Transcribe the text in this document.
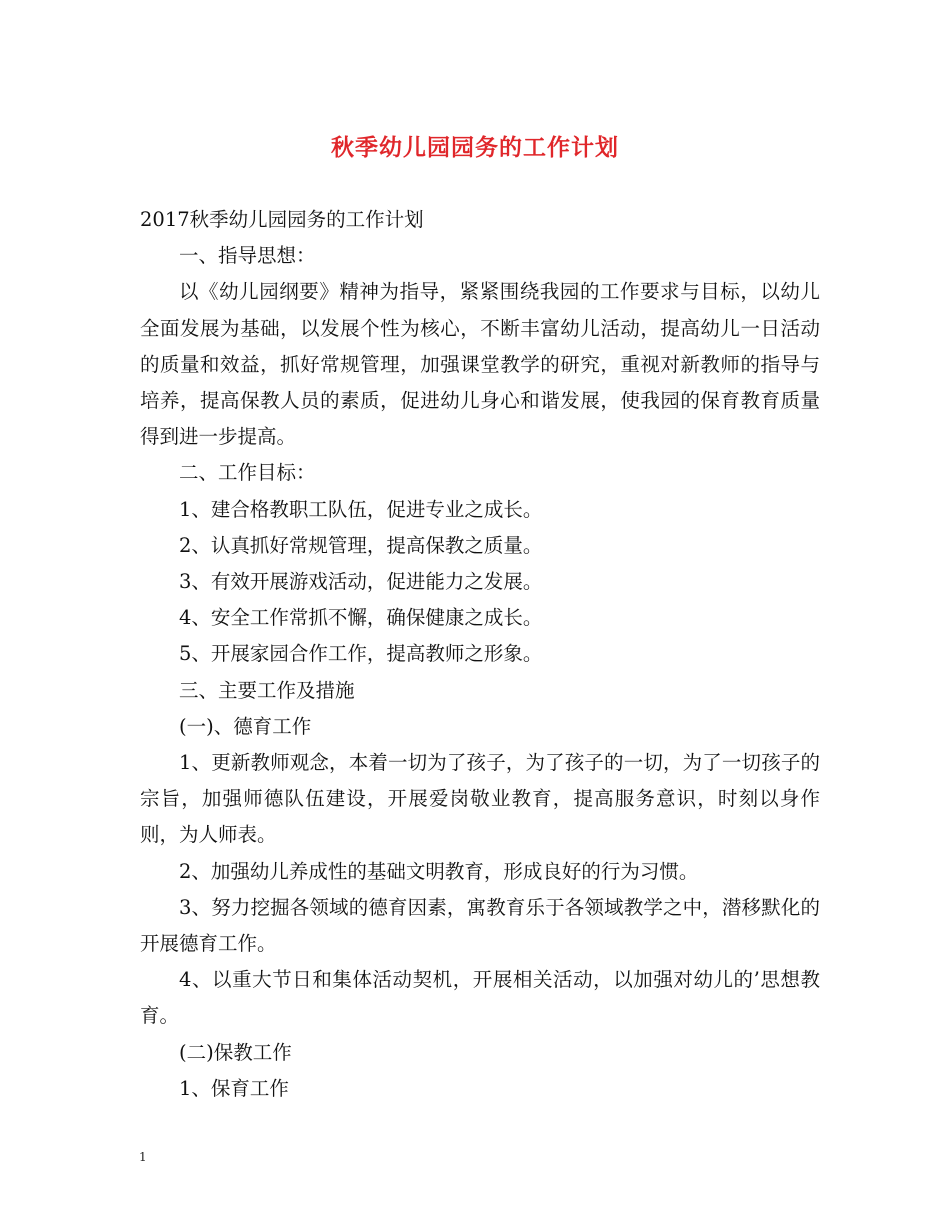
秋季幼儿园园务的工作计划

2017秋季幼儿园园务的工作计划

一、指导思想：

以《幼儿园纲要》精神为指导，紧紧围绕我园的工作要求与目标，以幼儿全面发展为基础，以发展个性为核心，不断丰富幼儿活动，提高幼儿一日活动的质量和效益，抓好常规管理，加强课堂教学的研究，重视对新教师的指导与培养，提高保教人员的素质，促进幼儿身心和谐发展，使我园的保育教育质量得到进一步提高。

二、工作目标：

1、建合格教职工队伍，促进专业之成长。

2、认真抓好常规管理，提高保教之质量。

3、有效开展游戏活动，促进能力之发展。

4、安全工作常抓不懈，确保健康之成长。

5、开展家园合作工作，提高教师之形象。

三、主要工作及措施

(一)、德育工作

1、更新教师观念，本着一切为了孩子，为了孩子的一切，为了一切孩子的宗旨，加强师德队伍建设，开展爱岗敬业教育，提高服务意识，时刻以身作则，为人师表。

2、加强幼儿养成性的基础文明教育，形成良好的行为习惯。

3、努力挖掘各领域的德育因素，寓教育乐于各领域教学之中，潜移默化的开展德育工作。

4、以重大节日和集体活动契机，开展相关活动，以加强对幼儿的’思想教育。

(二)保教工作

1、保育工作

1
